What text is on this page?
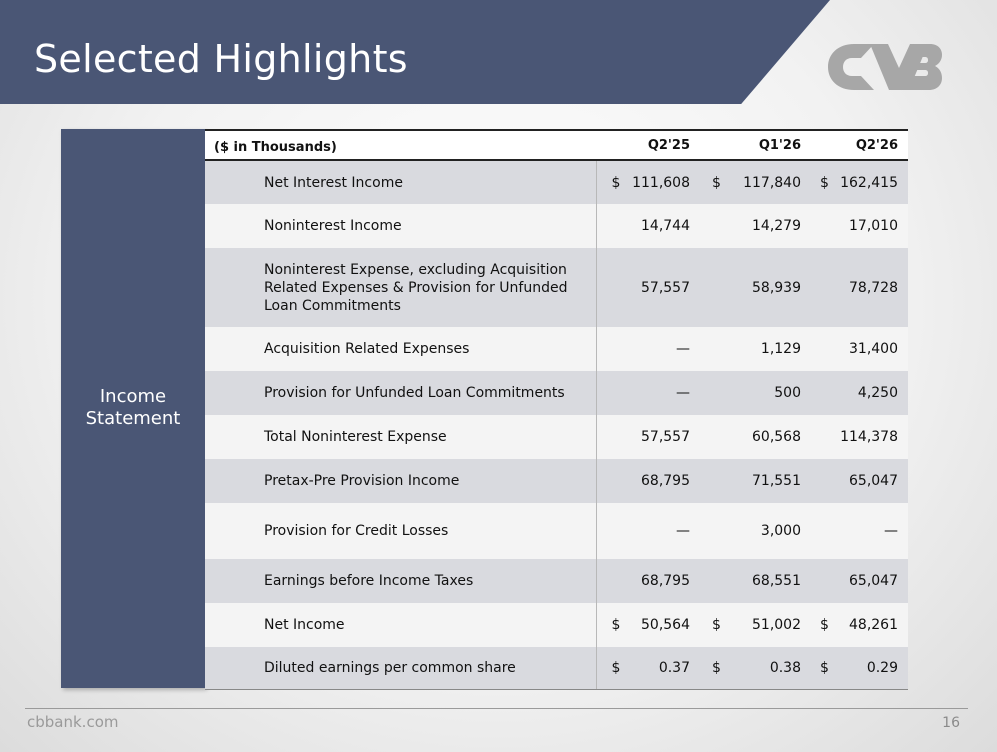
Selected Highlights
Income Statement
($ in Thousands)	Q2'25	Q1'26	Q2'26
Net Interest Income	$ 111,608	$ 117,840	$ 162,415
Noninterest Income	14,744	14,279	17,010
Noninterest Expense, excluding Acquisition Related Expenses & Provision for Unfunded Loan Commitments	57,557	58,939	78,728
Acquisition Related Expenses	—	1,129	31,400
Provision for Unfunded Loan Commitments	—	500	4,250
Total Noninterest Expense	57,557	60,568	114,378
Pretax-Pre Provision Income	68,795	71,551	65,047
Provision for Credit Losses	—	3,000	—
Earnings before Income Taxes	68,795	68,551	65,047
Net Income	$ 50,564	$ 51,002	$ 48,261
Diluted earnings per common share	$ 0.37	$ 0.38	$ 0.29
cbbank.com	16
